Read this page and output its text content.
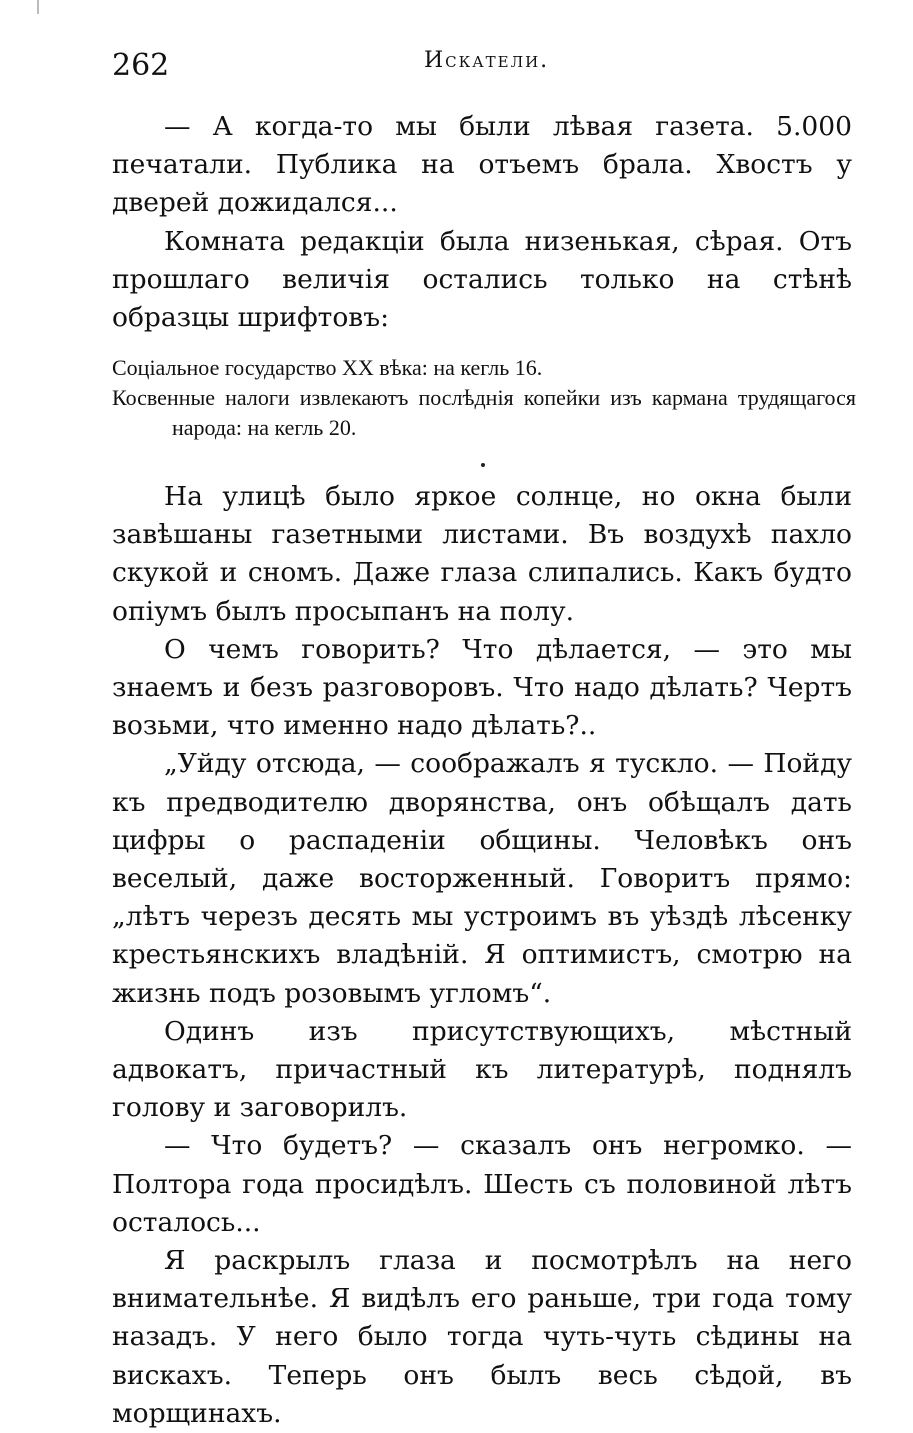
262	Искатели.

— А когда-то мы были лѣвая газета. 5.000 печатали. Публика на отъемъ брала. Хвостъ у дверей дожидался...

Комната редакціи была низенькая, сѣрая. Отъ прошлаго величія остались только на стѣнѣ образцы шрифтовъ:

Соціальное государство XX вѣка: на кегль 16.

Косвенные налоги извлекаютъ послѣднія копейки изъ кармана трудящагося народа: на кегль 20.

На улицѣ было яркое солнце, но окна были завѣшаны газетными листами. Въ воздухѣ пахло скукой и сномъ. Даже глаза слипались. Какъ будто опіумъ былъ просыпанъ на полу.

О чемъ говорить? Что дѣлается, — это мы знаемъ и безъ разговоровъ. Что надо дѣлать? Чертъ возьми, что именно надо дѣлать?..

„Уйду отсюда, — соображалъ я тускло. — Пойду къ предводителю дворянства, онъ обѣщалъ дать цифры о распаденіи общины. Человѣкъ онъ веселый, даже восторженный. Говоритъ прямо: „лѣтъ черезъ десять мы устроимъ въ уѣздѣ лѣсенку крестьянскихъ владѣній. Я оптимистъ, смотрю на жизнь подъ розовымъ угломъ“.

Одинъ изъ присутствующихъ, мѣстный адвокатъ, причастный къ литературѣ, поднялъ голову и заговорилъ.

— Что будетъ? — сказалъ онъ негромко. — Полтора года просидѣлъ. Шесть съ половиной лѣтъ осталось...

Я раскрылъ глаза и посмотрѣлъ на него внимательнѣе. Я видѣлъ его раньше, три года тому назадъ. У него было тогда чуть-чуть сѣдины на вискахъ. Теперь онъ былъ весь сѣдой, въ морщинахъ.
